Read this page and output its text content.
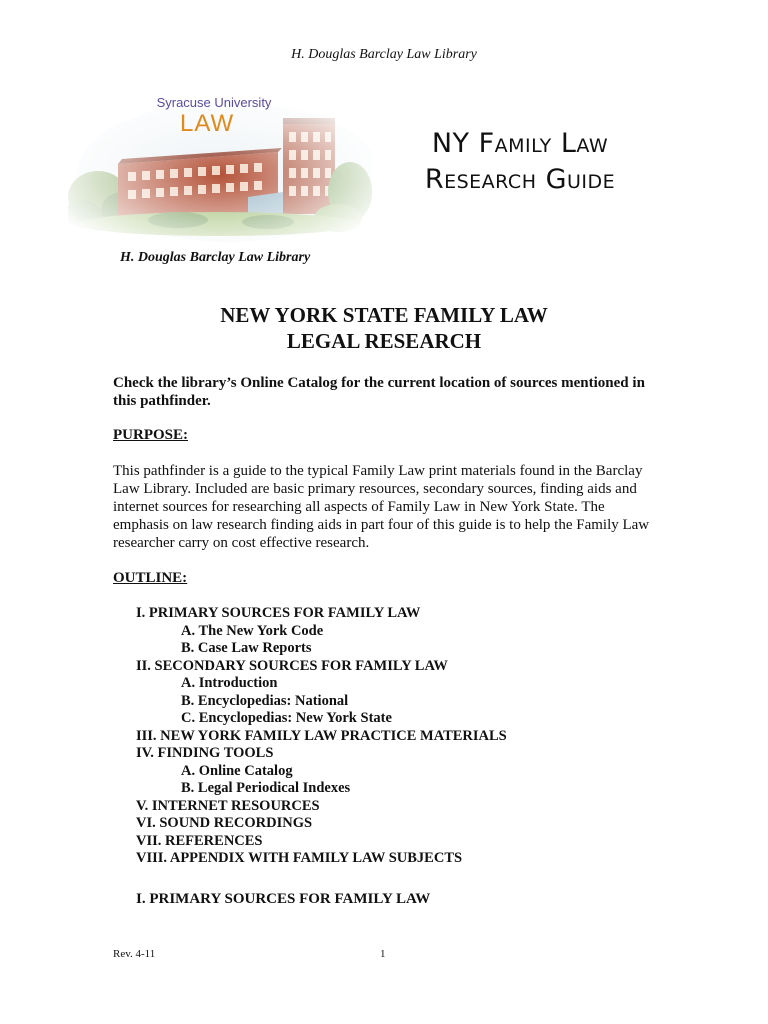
H. Douglas Barclay Law Library
Syracuse University
LAW
NY Family Law
Research Guide
H. Douglas Barclay Law Library
NEW YORK STATE FAMILY LAW
LEGAL RESEARCH
Check the library’s Online Catalog for the current location of sources mentioned in this pathfinder.
PURPOSE:
This pathfinder is a guide to the typical Family Law print materials found in the Barclay Law Library. Included are basic primary resources, secondary sources, finding aids and internet sources for researching all aspects of Family Law in New York State. The emphasis on law research finding aids in part four of this guide is to help the Family Law researcher carry on cost effective research.
OUTLINE:
I. PRIMARY SOURCES FOR FAMILY LAW
A. The New York Code
B. Case Law Reports
II. SECONDARY SOURCES FOR FAMILY LAW
A. Introduction
B. Encyclopedias: National
C. Encyclopedias: New York State
III. NEW YORK FAMILY LAW PRACTICE MATERIALS
IV. FINDING TOOLS
A. Online Catalog
B. Legal Periodical Indexes
V. INTERNET RESOURCES
VI. SOUND RECORDINGS
VII. REFERENCES
VIII. APPENDIX WITH FAMILY LAW SUBJECTS
I. PRIMARY SOURCES FOR FAMILY LAW
Rev. 4-11	1
